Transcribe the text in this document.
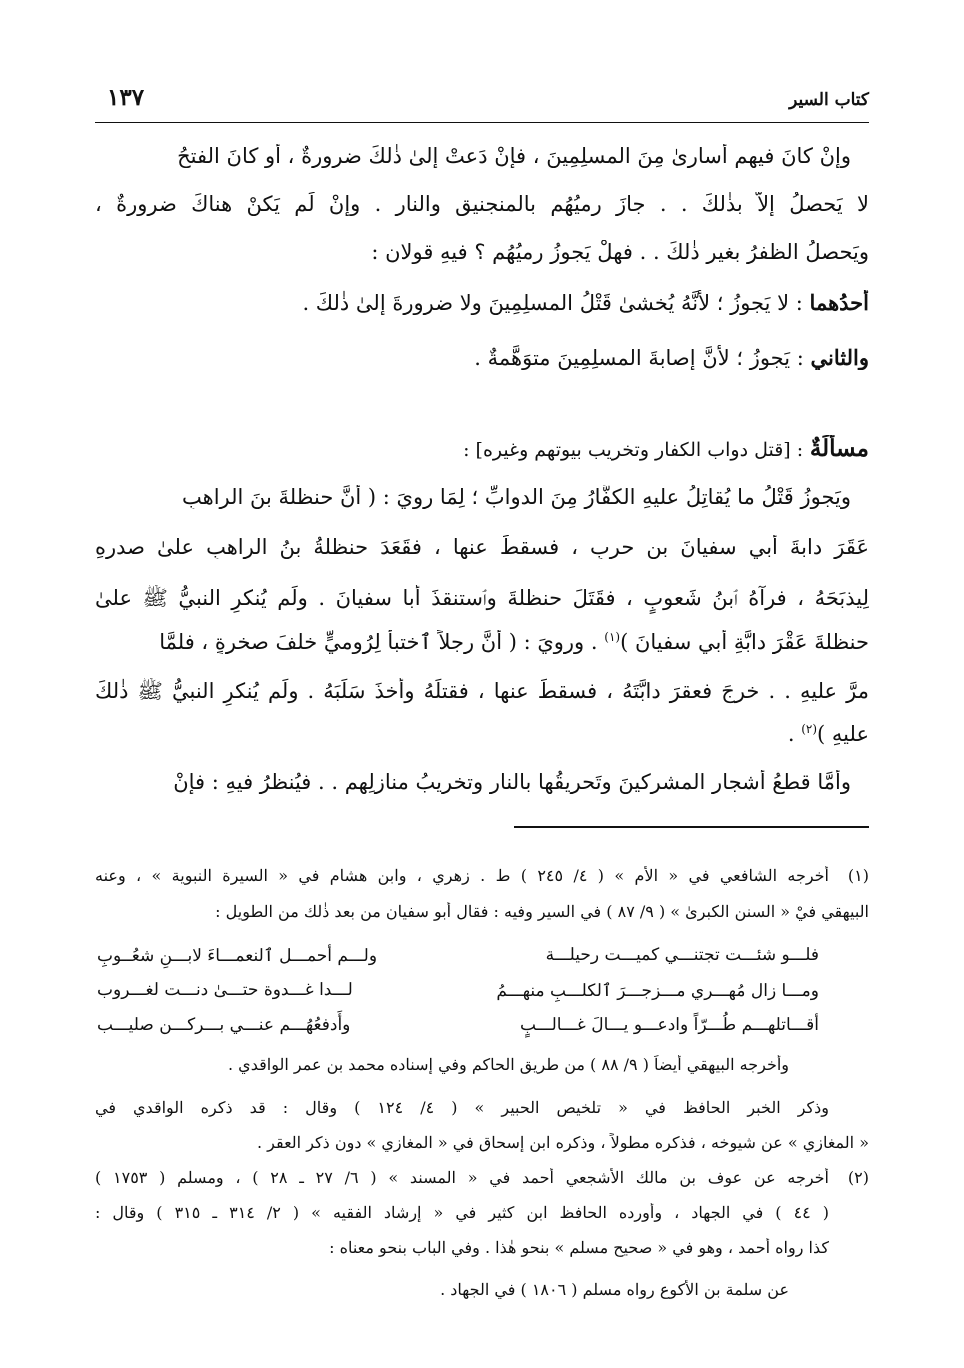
كتاب السير
١٣٧
وإنْ كانَ فيهِم أُسارىٰ مِنَ المسلِمِينَ ، فإنْ دَعتْ إلىٰ ذٰلكَ ضرورةٌ ، أَو كانَ الفتحُ
لا يَحصلُ إلاَّ بذٰلكَ . . جازَ رميُهُم بالمنجنيقِ والنارِ . وإنْ لَم يَكنْ هناكَ ضرورةٌ ،
ويَحصلُ الظفرُ بغيرِ ذٰلكَ . . فهلْ يَجوزُ رميُهُم ؟ فيهِ قولانِ :
أَحدُهما : لا يَجوزُ ؛ لأنَّهُ يُخشىٰ قَتْلُ المسلِمِينَ ولا ضرورةَ إلىٰ ذٰلكَ .
والثاني : يَجوزُ ؛ لأنَّ إصابةَ المسلِمِينَ متوَهَّمةٌ .
مسأَلَةٌ : [قتل دواب الكفار وتخريب بيوتهم وغيره] :
ويَجوزُ قَتْلُ ما يُقاتِلُ عليهِ الكفَّارُ مِنَ الدوابِّ ؛ لِمَا رويَ : ( أَنَّ حنظلةَ بنَ الراهبِ
عَقَرَ دابةَ أَبي سفيانَ بنِ حربٍ ، فسقطَ عنها ، فقَعَدَ حنظلةُ بنُ الراهبِ علىٰ صدرِهِ
لِيذبَحَهُ ، فرآهُ ٱبنُ شَعوبٍ ، فقَتَلَ حنظلةَ وٱستنقذَ أَبا سفيانَ . ولَم يُنكرِ النبيُّ ﷺ علىٰ
حنظلةَ عَقْرَ دابَّةِ أَبي سفيانَ )$^{(١)}$ . ورويَ : ( أَنَّ رجلاً ٱختبأَ لِرُوميٍّ خلفَ صخرةٍ ، فلمَّا
مرَّ عليهِ . . خرجَ فعقرَ دابَّتَهُ ، فسقطَ عنها ، فقتلَهُ وأخذَ سَلَبَهُ . ولَم يُنكرِ النبيُّ ﷺ ذٰلكَ
عليهِ )$^{(٢)}$ .
وأَمَّا قطعُ أَشجارِ المشرِكينَ وتَحريقُها بالنارِ وتخريبُ منازلِهم . . فيُنظرُ فيهِ : فإنْ
(١)
أخرجه الشافعي في « الأم » ( ٤/ ٢٤٥ ) ط . زهري ، وابن هشام في « السيرة النبوية » ، وعنه
البيهقي فيْ « السنن الكبرىٰ » ( ٩/ ٨٧ ) في السير وفيه : فقال أبو سفيان من بعد ذٰلك من الطويل :
فلـــو شئـــت تجتنـــي كميـــت رحيلـــة
ولـــم أحمـــل ٱلنعمـــاءَ لابـــنِ شعُــوبِ
ومـــا زال مُهـــري مـــزجـــرَ ٱلكلـــبِ منهـــمُ
لـــدا غـــدوة حتـــىٰ دنـــت لغـــروب
أقـــاتلهـــم طُـــرّاً وادعـــو يـــالَ غـــالـــبٍ
وأَدفعُهُـــم عنـــي بـــركـــن صليـــب
وأخرجه البيهقي أيضاً ( ٩/ ٨٨ ) من طريق الحاكم وفي إسناده محمد بن عمر الواقدي .
وذكر الخبر الحافظ في « تلخيص الحبير » ( ٤/ ١٢٤ ) وقال : قد ذكره الواقدي في
« المغازي » عن شيوخه ، فذكره مطولاً ، وذكره ابن إسحاق في « المغازي » دون ذكر العقر .
(٢)
أخرجه عن عوف بن مالك الأشجعي أحمد في « المسند » ( ٦/ ٢٧ ـ ٢٨ ) ، ومسلم ( ١٧٥٣ )
( ٤٤ ) في الجهاد ، وأورده الحافظ ابن كثير في « إرشاد الفقيه » ( ٢/ ٣١٤ ـ ٣١٥ ) وقال :
كذا رواه أحمد ، وهو في « صحيح مسلم » بنحو هٰذا . وفي الباب بنحو معناه :
عن سلمة بن الأكوع رواه مسلم ( ١٨٠٦ ) في الجهاد .
